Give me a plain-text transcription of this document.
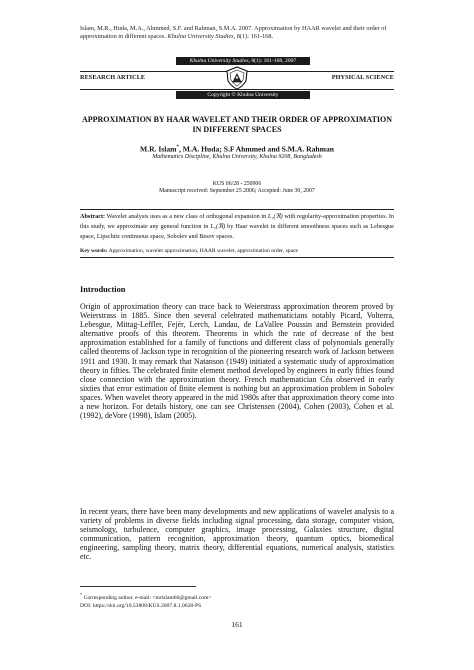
Islam, M.R., Huda, M.A., Ahmmed, S.F. and Rahman, S.M.A. 2007. Approximation by HAAR wavelet and their order of
approximation in different spaces. Khulna University Studies, 8(1): 161-168.
Khulna University Studies, 8(1): 161-168, 2007
RESEARCH ARTICLE	PHYSICAL SCIENCE
Copyright © Khulna University
APPROXIMATION BY HAAR WAVELET AND THEIR ORDER OF APPROXIMATION
IN DIFFERENT SPACES
M.R. Islam*, M.A. Huda; S.F Ahmmed and S.M.A. Rahman
Mathematics Discipline, Khulna University, Khulna 9208, Bangladesh
KUS 06/28 - 250906
Manuscript received: September 25 2006; Accepted: June 30, 2007
Abstract: Wavelet analysis uses as a new class of orthogonal expansion in L₂(ℜ) with regularity-approximation properties. In this study, we approximate any general function in L₂(ℜ) by Haar wavelet in different smoothness spaces such as Lebesgue space, Lipschitz continuous space, Sobolev and Besov spaces.
Key words: Approximation, wavelet approximation, HAAR wavelet, approximation order, space
Introduction
Origin of approximation theory can trace back to Weierstrass approximation theorem proved by Weierstrass in 1885. Since then several celebrated mathematicians notably Picard, Volterra, Lebesgue, Mittag-Leffler, Fejér, Lerch, Landau, de LaVallee Poussin and Bernstein provided alternative proofs of this theorem. Theorems in which the rate of decrease of the best approximation established for a family of functions and different class of polynomials generally called theorems of Jackson type in recognition of the pioneering research work of Jackson between 1911 and 1930. It may remark that Natanson (1949) initiated a systematic study of approximation theory in fifties. The celebrated finite element method developed by engineers in early fifties found close connection with the approximation theory. French mathematician Céa observed in early sixties that error estimation of finite element is nothing but an approximation problem in Sobolev spaces. When wavelet theory appeared in the mid 1980s after that approximation theory come into a new horizon. For details history, one can see Christensen (2004), Cohen (2003), Cohen et al. (1992), deVore (1998), Islam (2005).
In recent years, there have been many developments and new applications of wavelet analysis to a variety of problems in diverse fields including signal processing, data storage, computer vision, seismology, turbulence, computer graphics, image processing, Galaxies structure, digital communication, pattern recognition, approximation theory, quantum optics, biomedical engineering, sampling theory, matrix theory, differential equations, numerical analysis, statistics etc.
* Corresponding author. e-mail: <mrislam66@gmail.com>
DOI: https://doi.org/10.53808/KUS.2007.8.1.0628-PS
161
